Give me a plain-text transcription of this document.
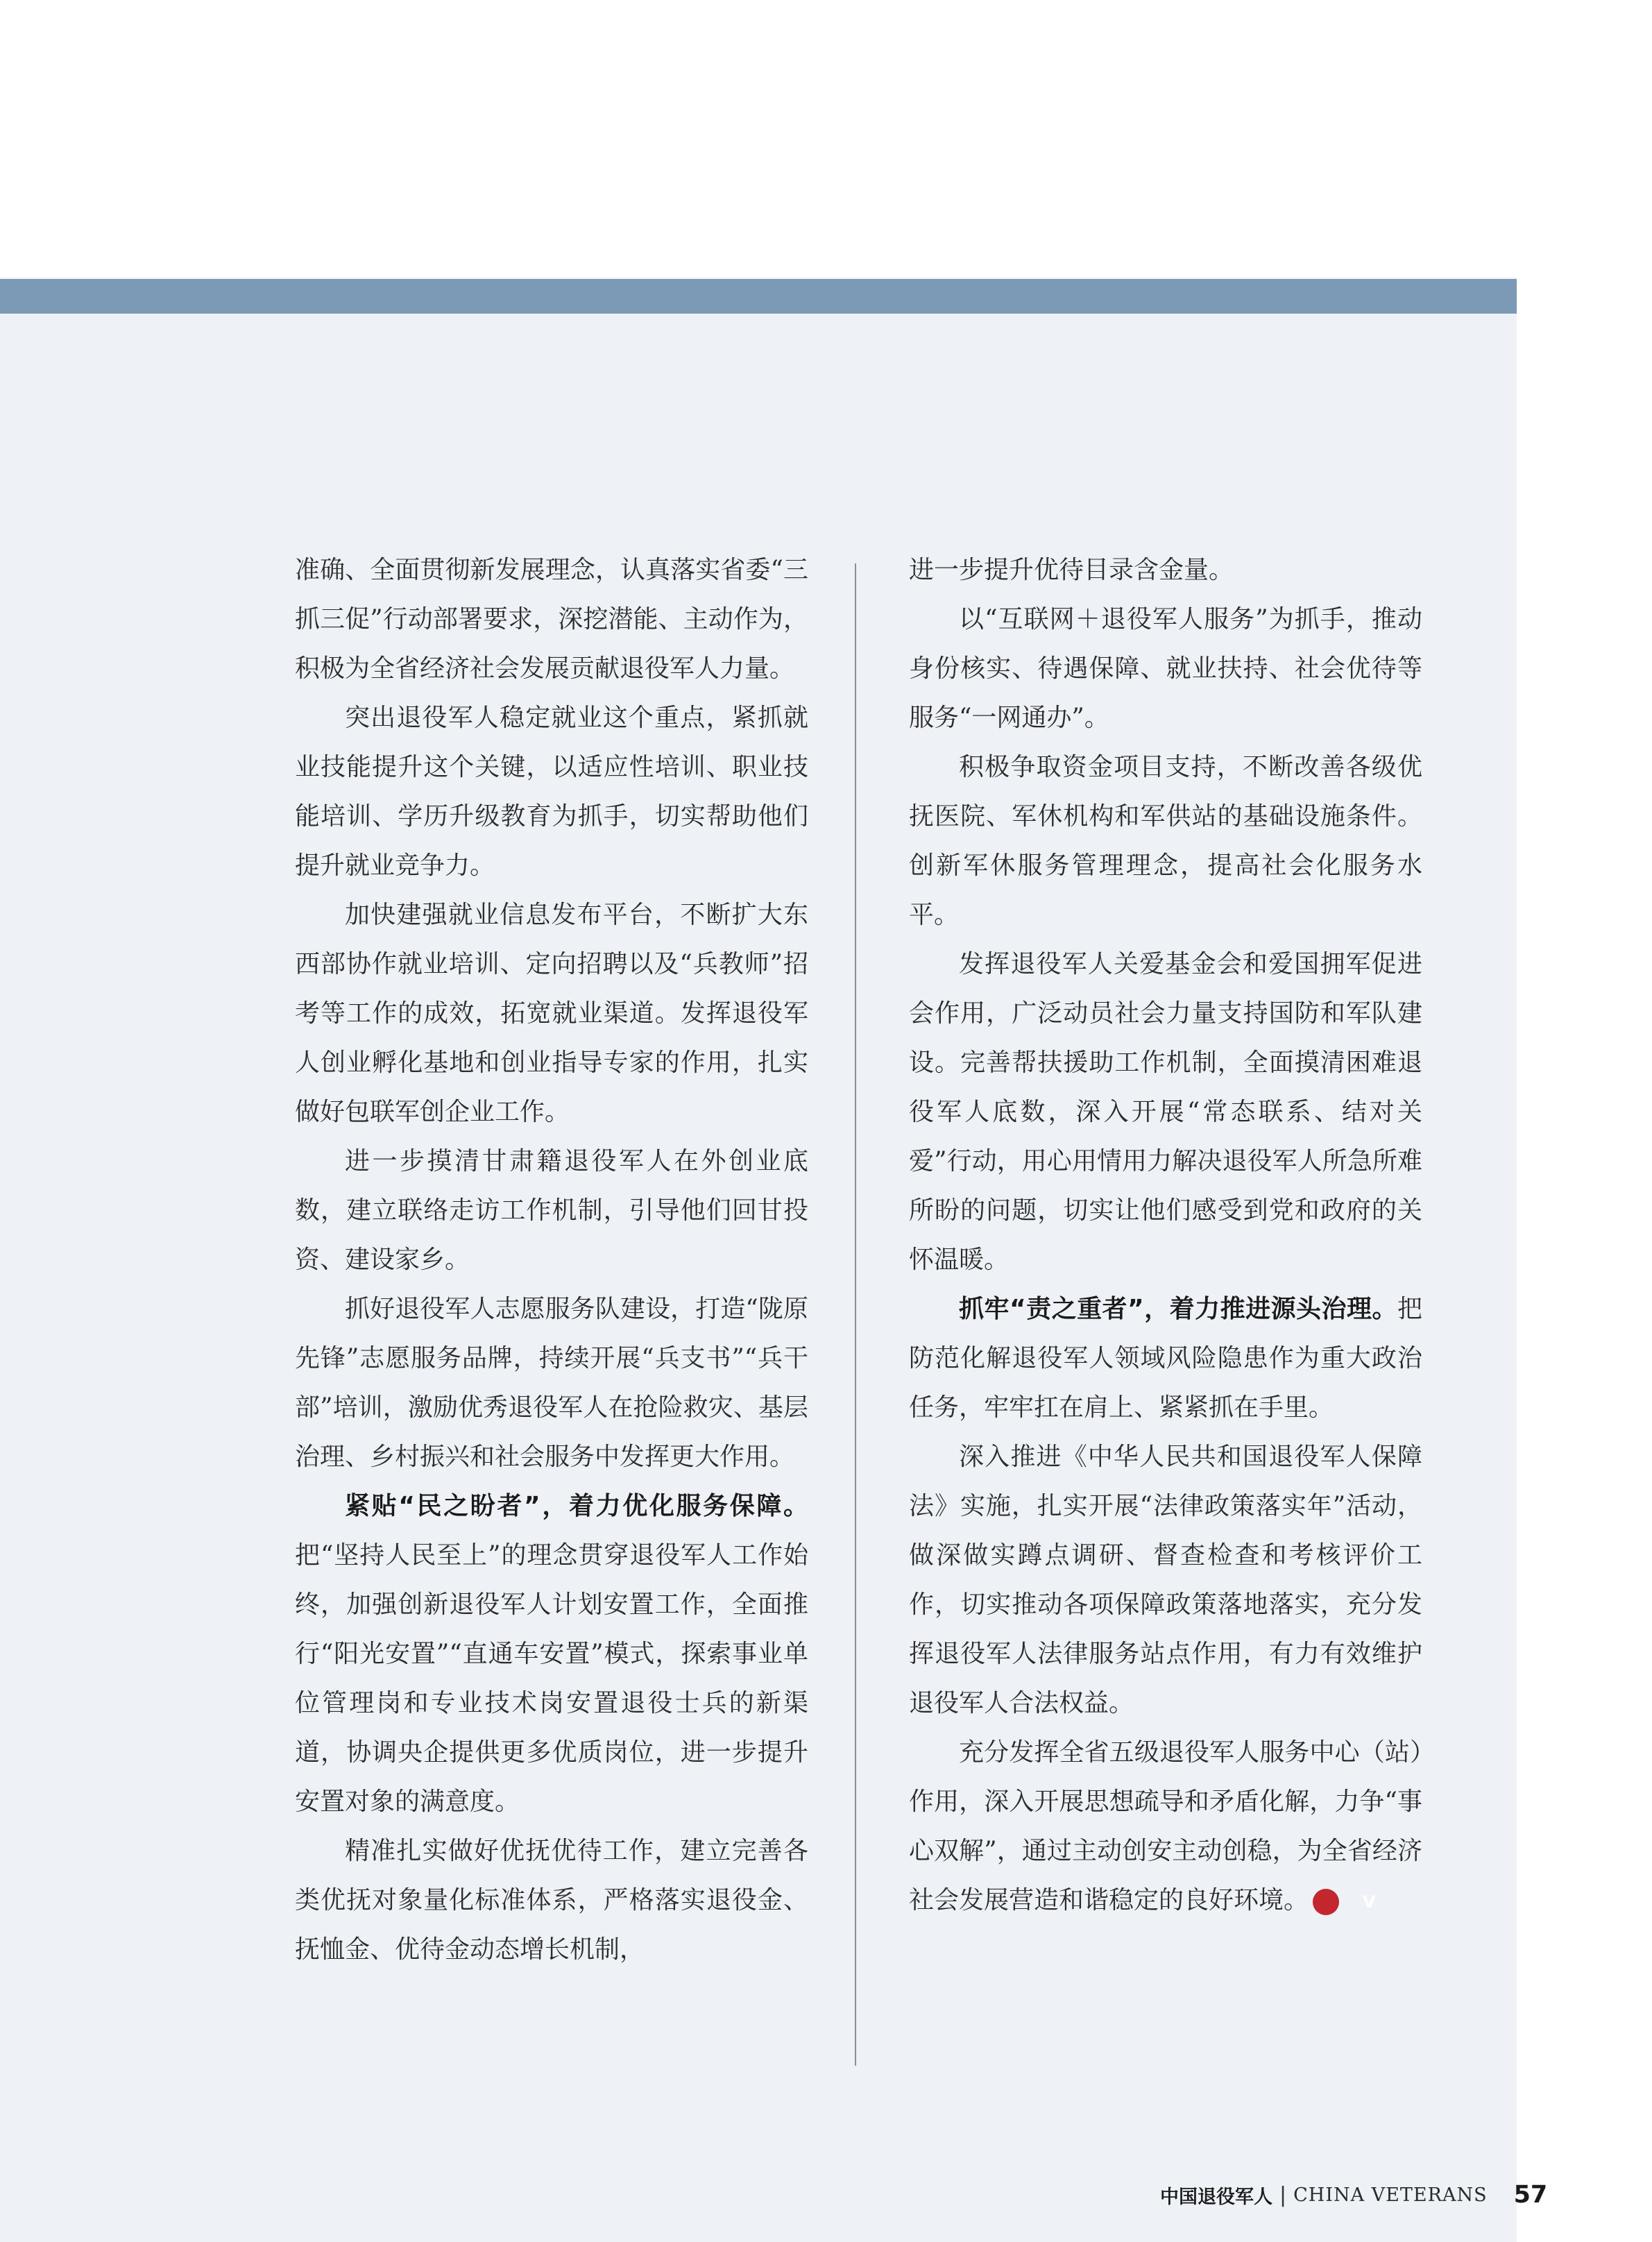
准确、全面贯彻新发展理念，认真落实省委“三抓三促”行动部署要求，深挖潜能、主动作为，积极为全省经济社会发展贡献退役军人力量。

突出退役军人稳定就业这个重点，紧抓就业技能提升这个关键，以适应性培训、职业技能培训、学历升级教育为抓手，切实帮助他们提升就业竞争力。

加快建强就业信息发布平台，不断扩大东西部协作就业培训、定向招聘以及“兵教师”招考等工作的成效，拓宽就业渠道。发挥退役军人创业孵化基地和创业指导专家的作用，扎实做好包联军创企业工作。

进一步摸清甘肃籍退役军人在外创业底数，建立联络走访工作机制，引导他们回甘投资、建设家乡。

抓好退役军人志愿服务队建设，打造“陇原先锋”志愿服务品牌，持续开展“兵支书”“兵干部”培训，激励优秀退役军人在抢险救灾、基层治理、乡村振兴和社会服务中发挥更大作用。

紧贴“民之盼者”，着力优化服务保障。把“坚持人民至上”的理念贯穿退役军人工作始终，加强创新退役军人计划安置工作，全面推行“阳光安置”“直通车安置”模式，探索事业单位管理岗和专业技术岗安置退役士兵的新渠道，协调央企提供更多优质岗位，进一步提升安置对象的满意度。

精准扎实做好优抚优待工作，建立完善各类优抚对象量化标准体系，严格落实退役金、抚恤金、优待金动态增长机制，

进一步提升优待目录含金量。

以“互联网＋退役军人服务”为抓手，推动身份核实、待遇保障、就业扶持、社会优待等服务“一网通办”。

积极争取资金项目支持，不断改善各级优抚医院、军休机构和军供站的基础设施条件。创新军休服务管理理念，提高社会化服务水平。

发挥退役军人关爱基金会和爱国拥军促进会作用，广泛动员社会力量支持国防和军队建设。完善帮扶援助工作机制，全面摸清困难退役军人底数，深入开展“常态联系、结对关爱”行动，用心用情用力解决退役军人所急所难所盼的问题，切实让他们感受到党和政府的关怀温暖。

抓牢“责之重者”，着力推进源头治理。把防范化解退役军人领域风险隐患作为重大政治任务，牢牢扛在肩上、紧紧抓在手里。

深入推进《中华人民共和国退役军人保障法》实施，扎实开展“法律政策落实年”活动，做深做实蹲点调研、督查检查和考核评价工作，切实推动各项保障政策落地落实，充分发挥退役军人法律服务站点作用，有力有效维护退役军人合法权益。

充分发挥全省五级退役军人服务中心（站）作用，深入开展思想疏导和矛盾化解，力争“事心双解”，通过主动创安主动创稳，为全省经济社会发展营造和谐稳定的良好环境。	V

中国退役军人 | CHINA VETERANS 57
